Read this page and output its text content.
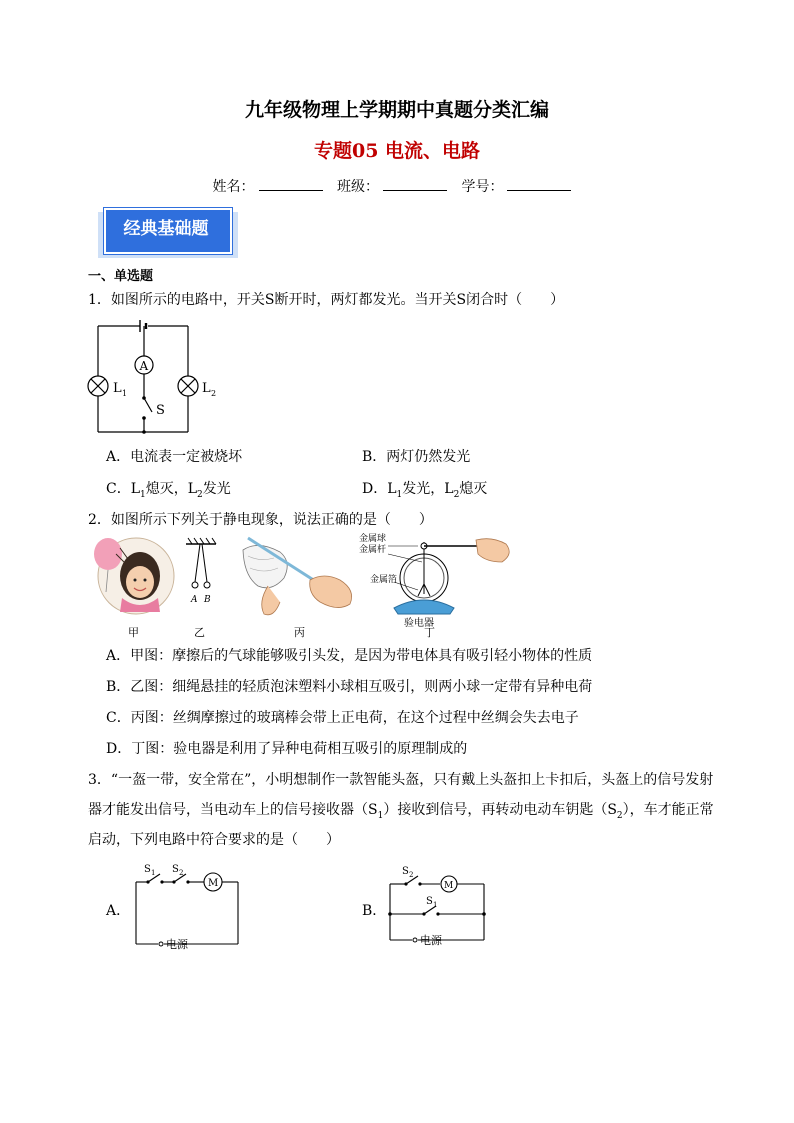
九年级物理上学期期中真题分类汇编
专题05 电流、电路
姓名：	班级：	学号：
经典基础题
一、单选题
1．如图所示的电路中，开关S断开时，两灯都发光。当开关S闭合时（　　）
A
L 1	L 2
S
A．电流表一定被烧坏	B．两灯仍然发光
C．$L_1$熄灭，$L_2$发光	D．$L_1$发光，$L_2$熄灭
2．如图所示下列关于静电现象，说法正确的是（　　）
A B
金属球
金属杆
金属箔
验电器
甲	乙	丙	丁
A．甲图：摩擦后的气球能够吸引头发，是因为带电体具有吸引轻小物体的性质
B．乙图：细绳悬挂的轻质泡沫塑料小球相互吸引，则两小球一定带有异种电荷
C．丙图：丝绸摩擦过的玻璃棒会带上正电荷，在这个过程中丝绸会失去电子
D．丁图：验电器是利用了异种电荷相互吸引的原理制成的
3．“一盔一带，安全常在”，小明想制作一款智能头盔，只有戴上头盔扣上卡扣后，头盔上的信号发射
器才能发出信号，当电动车上的信号接收器$(S_1)$接收到信号，再转动电动车钥匙$(S_2)$，车才能正常
启动，下列电路中符合要求的是（　　）
A．
S 1 S 2
M
电源
B．
S 2
S 1
M
电源
